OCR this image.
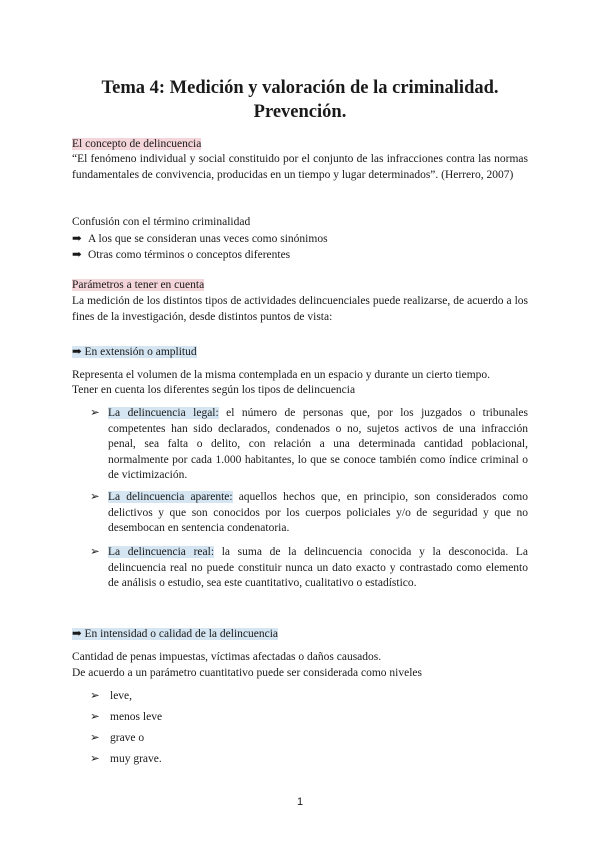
Tema 4: Medición y valoración de la criminalidad.
Prevención.
El concepto de delincuencia
“El fenómeno individual y social constituido por el conjunto de las infracciones contra las normas fundamentales de convivencia, producidas en un tiempo y lugar determinados”. (Herrero, 2007)
Confusión con el término criminalidad
➡ A los que se consideran unas veces como sinónimos
➡ Otras como términos o conceptos diferentes
Parámetros a tener en cuenta
La medición de los distintos tipos de actividades delincuenciales puede realizarse, de acuerdo a los fines de la investigación, desde distintos puntos de vista:
➡ En extensión o amplitud
Representa el volumen de la misma contemplada en un espacio y durante un cierto tiempo.
Tener en cuenta los diferentes según los tipos de delincuencia
➢ La delincuencia legal: el número de personas que, por los juzgados o tribunales competentes han sido declarados, condenados o no, sujetos activos de una infracción penal, sea falta o delito, con relación a una determinada cantidad poblacional, normalmente por cada 1.000 habitantes, lo que se conoce también como índice criminal o de victimización.
➢ La delincuencia aparente: aquellos hechos que, en principio, son considerados como delictivos y que son conocidos por los cuerpos policiales y/o de seguridad y que no desembocan en sentencia condenatoria.
➢ La delincuencia real: la suma de la delincuencia conocida y la desconocida. La delincuencia real no puede constituir nunca un dato exacto y contrastado como elemento de análisis o estudio, sea este cuantitativo, cualitativo o estadístico.
➡ En intensidad o calidad de la delincuencia
Cantidad de penas impuestas, víctimas afectadas o daños causados.
De acuerdo a un parámetro cuantitativo puede ser considerada como niveles
➢ leve,
➢ menos leve
➢ grave o
➢ muy grave.
1
